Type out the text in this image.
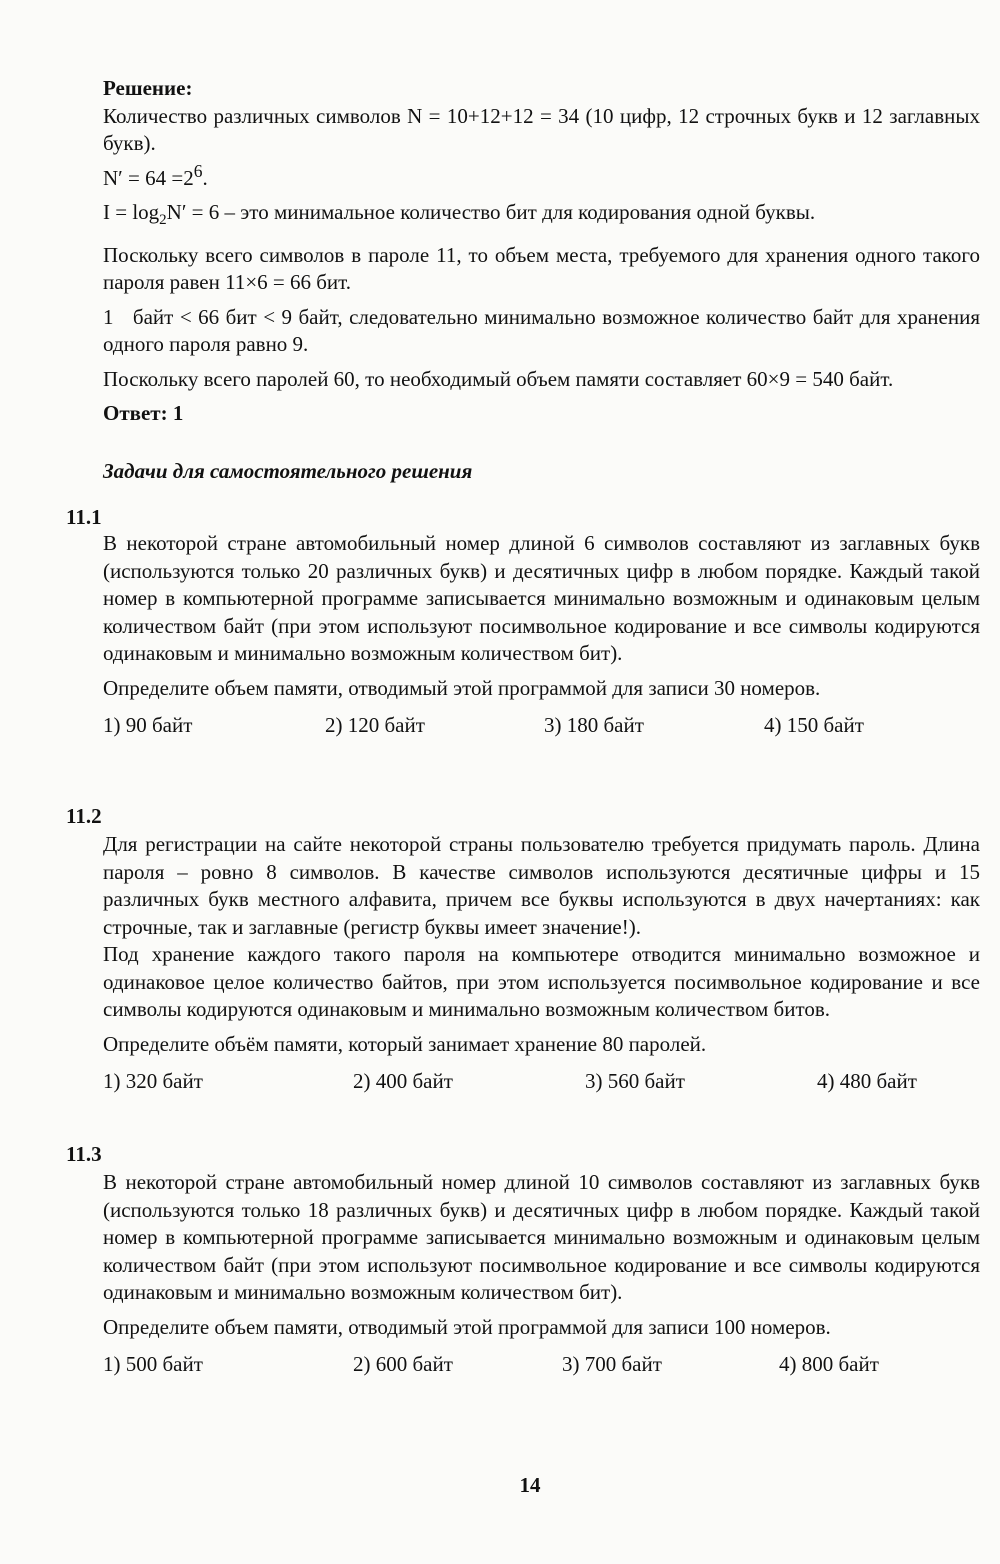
Решение:

Количество различных символов N = 10+12+12 = 34 (10 цифр, 12 строчных букв и 12 заглавных букв).

$N' = 64 =2^6$.

$I = \log_2N' = 6$ – это минимальное количество бит для кодирования одной буквы.

Поскольку всего символов в пароле 11, то объем места, требуемого для хранения одного такого пароля равен 11×6 = 66 бит.

1   байт < 66 бит < 9 байт, следовательно минимально возможное количество байт для хранения одного пароля равно 9.

Поскольку всего паролей 60, то необходимый объем памяти составляет 60×9 = 540 байт.

Ответ: 1

Задачи для самостоятельного решения

11.1

В некоторой стране автомобильный номер длиной 6 символов составляют из заглавных букв (используются только 20 различных букв) и десятичных цифр в любом порядке. Каждый такой номер в компьютерной программе записывается минимально возможным и одинаковым целым количеством байт (при этом используют посимвольное кодирование и все символы кодируются одинаковым и минимально возможным количеством бит).

Определите объем памяти, отводимый этой программой для записи 30 номеров.

1) 90 байт	2) 120 байт	3) 180 байт	4) 150 байт
11.2

Для регистрации на сайте некоторой страны пользователю требуется придумать пароль. Длина пароля – ровно 8 символов. В качестве символов используются десятичные цифры и 15 различных букв местного алфавита, причем все буквы используются в двух начертаниях: как строчные, так и заглавные (регистр буквы имеет значение!).

Под хранение каждого такого пароля на компьютере отводится минимально возможное и одинаковое целое количество байтов, при этом используется посимвольное кодирование и все символы кодируются одинаковым и минимально возможным количеством битов.

Определите объём памяти, который занимает хранение 80 паролей.

1) 320 байт	2) 400 байт	3) 560 байт	4) 480 байт
11.3

В некоторой стране автомобильный номер длиной 10 символов составляют из заглавных букв (используются только 18 различных букв) и десятичных цифр в любом порядке. Каждый такой номер в компьютерной программе записывается минимально возможным и одинаковым целым количеством байт (при этом используют посимвольное кодирование и все символы кодируются одинаковым и минимально возможным количеством бит).

Определите объем памяти, отводимый этой программой для записи 100 номеров.

1) 500 байт	2) 600 байт	3) 700 байт	4) 800 байт
14
